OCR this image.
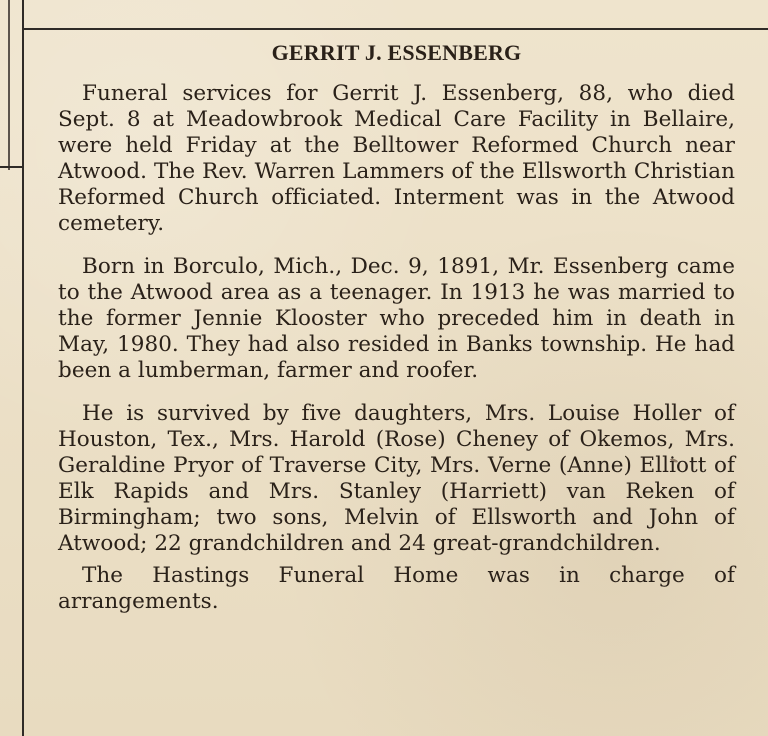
GERRIT J. ESSENBERG

Funeral services for Gerrit J. Essenberg, 88, who died Sept. 8 at Meadowbrook Medical Care Facility in Bellaire, were held Friday at the Belltower Reformed Church near Atwood. The Rev. Warren Lammers of the Ellsworth Christian Reformed Church officiated. Interment was in the Atwood cemetery.

Born in Borculo, Mich., Dec. 9, 1891, Mr. Essenberg came to the Atwood area as a teenager. In 1913 he was married to the former Jennie Klooster who preceded him in death in May, 1980. They had also resided in Banks township. He had been a lumberman, farmer and roofer.

He is survived by five daughters, Mrs. Louise Holler of Houston, Tex., Mrs. Harold (Rose) Cheney of Okemos, Mrs. Geraldine Pryor of Traverse City, Mrs. Verne (Anne) Elliott of Elk Rapids and Mrs. Stanley (Harriett) van Reken of Birmingham; two sons, Melvin of Ellsworth and John of Atwood; 22 grandchildren and 24 great-grandchildren.

The Hastings Funeral Home was in charge of arrangements.
